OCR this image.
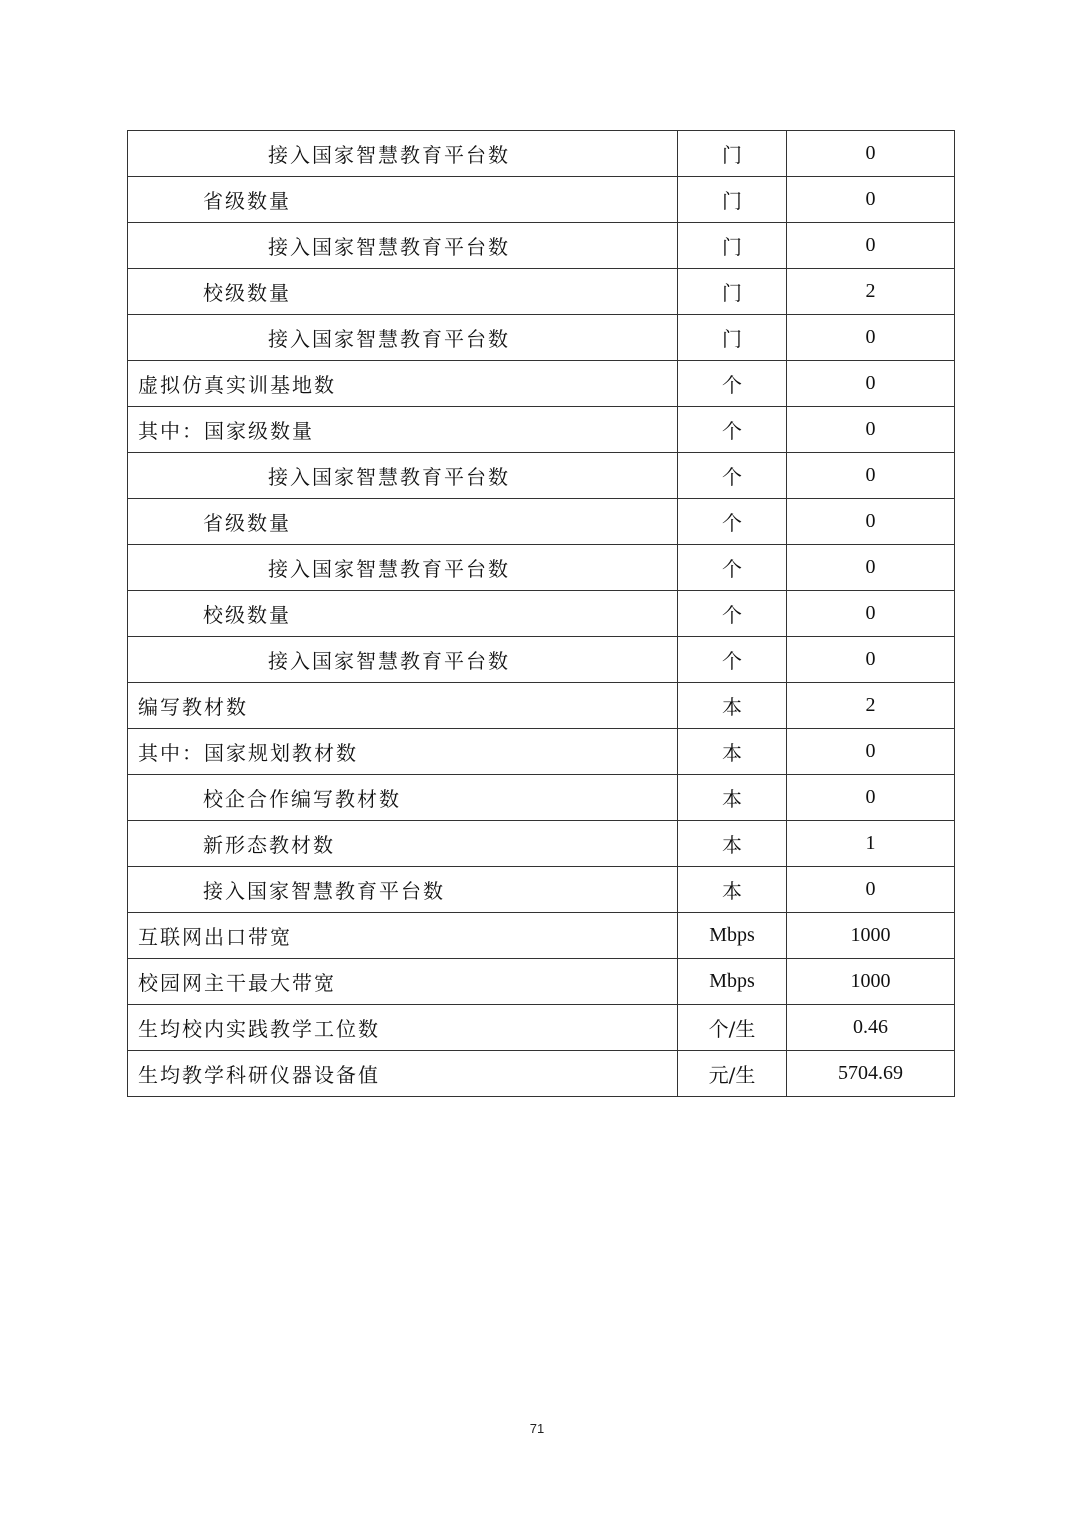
接入国家智慧教育平台数	门	0
省级数量	门	0
接入国家智慧教育平台数	门	0
校级数量	门	2
接入国家智慧教育平台数	门	0
虚拟仿真实训基地数	个	0
其中：国家级数量	个	0
接入国家智慧教育平台数	个	0
省级数量	个	0
接入国家智慧教育平台数	个	0
校级数量	个	0
接入国家智慧教育平台数	个	0
编写教材数	本	2
其中：国家规划教材数	本	0
校企合作编写教材数	本	0
新形态教材数	本	1
接入国家智慧教育平台数	本	0
互联网出口带宽	Mbps	1000
校园网主干最大带宽	Mbps	1000
生均校内实践教学工位数	个/生	0.46
生均教学科研仪器设备值	元/生	5704.69
71
